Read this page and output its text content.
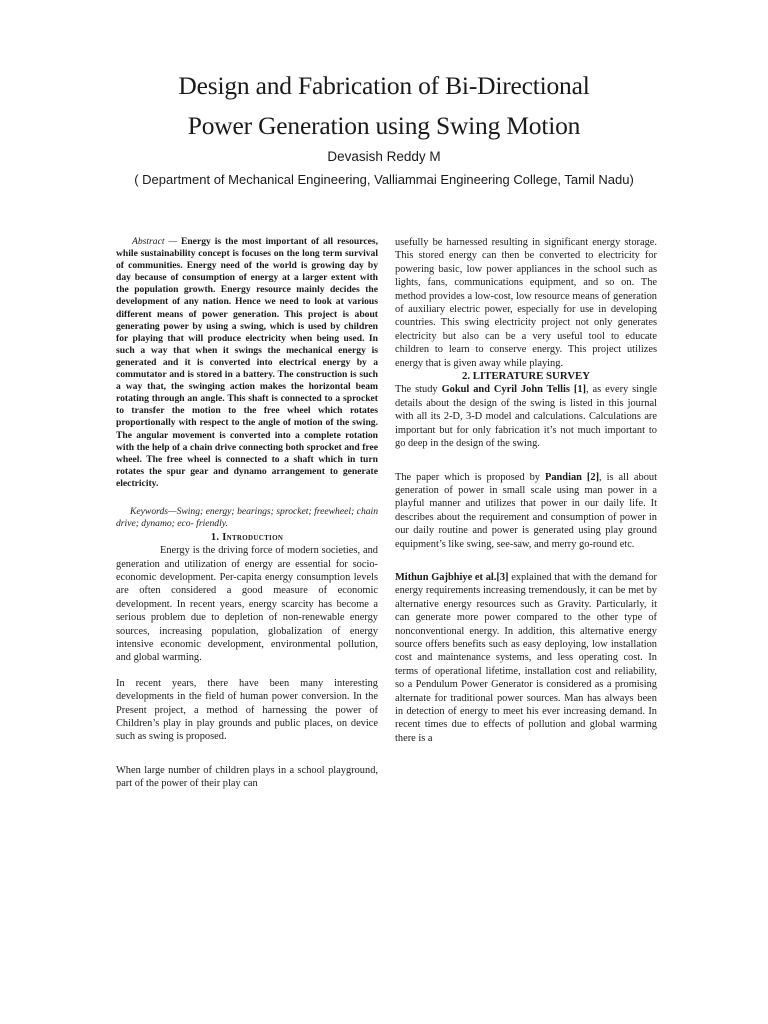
Design and Fabrication of Bi-Directional
Power Generation using Swing Motion
Devasish Reddy M
( Department of Mechanical Engineering, Valliammai Engineering College, Tamil Nadu)

Abstract — Energy is the most important of all resources, while sustainability concept is focuses on the long term survival of communities. Energy need of the world is growing day by day because of consumption of energy at a larger extent with the population growth. Energy resource mainly decides the development of any nation. Hence we need to look at various different means of power generation. This project is about generating power by using a swing, which is used by children for playing that will produce electricity when being used. In such a way that when it swings the mechanical energy is generated and it is converted into electrical energy by a commutator and is stored in a battery. The construction is such a way that, the swinging action makes the horizontal beam rotating through an angle. This shaft is connected to a sprocket to transfer the motion to the free wheel which rotates proportionally with respect to the angle of motion of the swing. The angular movement is converted into a complete rotation with the help of a chain drive connecting both sprocket and free wheel. The free wheel is connected to a shaft which in turn rotates the spur gear and dynamo arrangement to generate electricity.

Keywords—Swing; energy; bearings; sprocket; freewheel; chain drive; dynamo; eco- friendly.

1. Introduction

Energy is the driving force of modern societies, and generation and utilization of energy are essential for socio- economic development. Per-capita energy consumption levels are often considered a good measure of economic development. In recent years, energy scarcity has become a serious problem due to depletion of non-renewable energy sources, increasing population, globalization of energy intensive economic development, environmental pollution, and global warming.

In recent years, there have been many interesting developments in the field of human power conversion. In the Present project, a method of harnessing the power of Children’s play in play grounds and public places, on device such as swing is proposed.

When large number of children plays in a school playground, part of the power of their play can

usefully be harnessed resulting in significant energy storage. This stored energy can then be converted to electricity for powering basic, low power appliances in the school such as lights, fans, communications equipment, and so on. The method provides a low-cost, low resource means of generation of auxiliary electric power, especially for use in developing countries. This swing electricity project not only generates electricity but also can be a very useful tool to educate children to learn to conserve energy. This project utilizes energy that is given away while playing.

2. LITERATURE SURVEY

The study Gokul and Cyril John Tellis [1], as every single details about the design of the swing is listed in this journal with all its 2-D, 3-D model and calculations. Calculations are important but for only fabrication it’s not much important to go deep in the design of the swing.

The paper which is proposed by Pandian [2], is all about generation of power in small scale using man power in a playful manner and utilizes that power in our daily life. It describes about the requirement and consumption of power in our daily routine and power is generated using play ground equipment’s like swing, see-saw, and merry go-round etc.

Mithun Gajbhiye et al.[3] explained that with the demand for energy requirements increasing tremendously, it can be met by alternative energy resources such as Gravity. Particularly, it can generate more power compared to the other type of nonconventional energy. In addition, this alternative energy source offers benefits such as easy deploying, low installation cost and maintenance systems, and less operating cost. In terms of operational lifetime, installation cost and reliability, so a Pendulum Power Generator is considered as a promising alternate for traditional power sources. Man has always been in detection of energy to meet his ever increasing demand. In recent times due to effects of pollution and global warming there is a
